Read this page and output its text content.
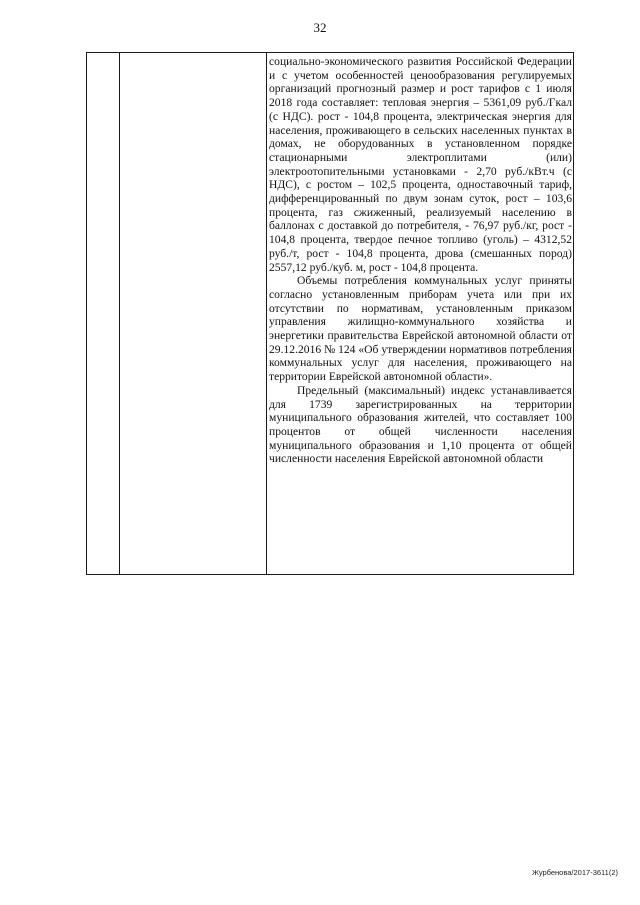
32

социально-экономического развития Российской Федерации и с учетом особенностей ценообразования регулируемых организаций прогнозный размер и рост тарифов с 1 июля 2018 года составляет: тепловая энергия – 5361,09 руб./Гкал (с НДС). рост - 104,8 процента, электрическая энергия для населения, проживающего в сельских населенных пунктах в домах, не оборудованных в установленном порядке стационарными электроплитами (или) электроотопительными установками - 2,70 руб./кВт.ч (с НДС), с ростом – 102,5 процента, одноставочный тариф, дифференцированный по двум зонам суток, рост – 103,6 процента, газ сжиженный, реализуемый населению в баллонах с доставкой до потребителя, - 76,97 руб./кг, рост - 104,8 процента, твердое печное топливо (уголь) – 4312,52 руб./т, рост - 104,8 процента, дрова (смешанных пород) 2557,12 руб./куб. м, рост - 104,8 процента.

Объемы потребления коммунальных услуг приняты согласно установленным приборам учета или при их отсутствии по нормативам, установленным приказом управления жилищно-коммунального хозяйства и энергетики правительства Еврейской автономной области от 29.12.2016 № 124 «Об утверждении нормативов потребления коммунальных услуг для населения, проживающего на территории Еврейской автономной области».

Предельный (максимальный) индекс устанавливается для 1739 зарегистрированных на территории муниципального образования жителей, что составляет 100 процентов от общей численности населения муниципального образования и 1,10 процента от общей численности населения Еврейской автономной области

Журбенова/2017-3611(2)
